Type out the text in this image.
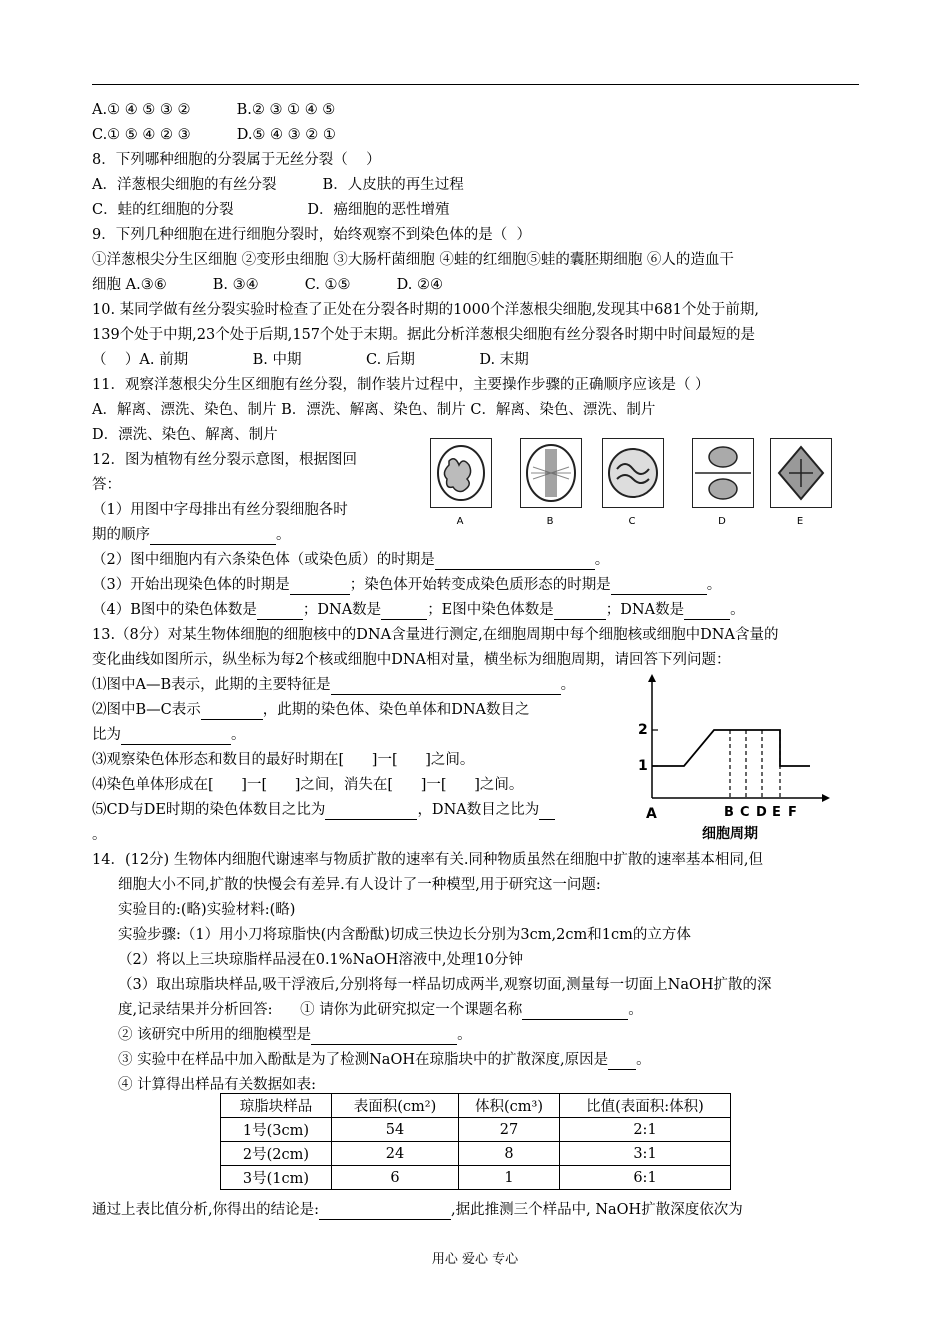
A.① ④ ⑤ ③ ②          B.② ③ ① ④ ⑤
C.① ⑤ ④ ② ③          D.⑤ ④ ③ ② ①
8．下列哪种细胞的分裂属于无丝分裂（    ）
A．洋葱根尖细胞的有丝分裂          B．人皮肤的再生过程
C．蛙的红细胞的分裂                D．癌细胞的恶性增殖
9．下列几种细胞在进行细胞分裂时，始终观察不到染色体的是（  ）
①洋葱根尖分生区细胞 ②变形虫细胞 ③大肠杆菌细胞 ④蛙的红细胞⑤蛙的囊胚期细胞 ⑥人的造血干
细胞 A.③⑥          B. ③④          C. ①⑤          D. ②④
10. 某同学做有丝分裂实验时检查了正处在分裂各时期的1000个洋葱根尖细胞,发现其中681个处于前期,
139个处于中期,23个处于后期,157个处于末期。据此分析洋葱根尖细胞有丝分裂各时期中时间最短的是
（    ）A. 前期              B. 中期              C. 后期              D. 末期
11．观察洋葱根尖分生区细胞有丝分裂，制作装片过程中，主要操作步骤的正确顺序应该是（ ）
A．解离、漂洗、染色、制片 B．漂洗、解离、染色、制片 C．解离、染色、漂洗、制片
D．漂洗、染色、解离、制片
12．图为植物有丝分裂示意图，根据图回
答：
（1）用图中字母排出有丝分裂细胞各时
期的顺序	。
（2）图中细胞内有六条染色体（或染色质）的时期是	。
（3）开始出现染色体的时期是	；染色体开始转变成染色质形态的时期是	。
（4）B图中的染色体数是	；DNA数是	；E图中染色体数是	；DNA数是	。
A	B	C	D	E
13.（8分）对某生物体细胞的细胞核中的DNA含量进行测定,在细胞周期中每个细胞核或细胞中DNA含量的
变化曲线如图所示，纵坐标为每2个核或细胞中DNA相对量，横坐标为细胞周期，请回答下列问题：
⑴图中A—B表示，此期的主要特征是	。
⑵图中B—C表示	，此期的染色体、染色单体和DNA数目之
比为	。
⑶观察染色体形态和数目的最好时期在[      ]一[      ]之间。
⑷染色单体形成在[      ]一[      ]之间，消失在[      ]一[      ]之间。
⑸CD与DE时期的染色体数目之比为	，DNA数目之比为
。
2
1
A	B C D E F
细胞周期
14．(12分) 生物体内细胞代谢速率与物质扩散的速率有关.同种物质虽然在细胞中扩散的速率基本相同,但
细胞大小不同,扩散的快慢会有差异.有人设计了一种模型,用于研究这一问题:
实验目的:(略)实验材料:(略)
实验步骤:（1）用小刀将琼脂快(内含酚酞)切成三快边长分别为3cm,2cm和1cm的立方体
（2）将以上三块琼脂样品浸在0.1%NaOH溶液中,处理10分钟
（3）取出琼脂块样品,吸干浮液后,分别将每一样品切成两半,观察切面,测量每一切面上NaOH扩散的深
度,记录结果并分析回答:      ① 请你为此研究拟定一个课题名称	。
② 该研究中所用的细胞模型是	。
③ 实验中在样品中加入酚酞是为了检测NaOH在琼脂块中的扩散深度,原因是 。
④ 计算得出样品有关数据如表:
琼脂块样品	表面积(cm²)	体积(cm³)	比值(表面积:体积)
1号(3cm)	54	27	2:1
2号(2cm)	24	8	3:1
3号(1cm)	6	1	6:1
通过上表比值分析,你得出的结论是:	,据此推测三个样品中, NaOH扩散深度依次为
用心 爱心 专心
